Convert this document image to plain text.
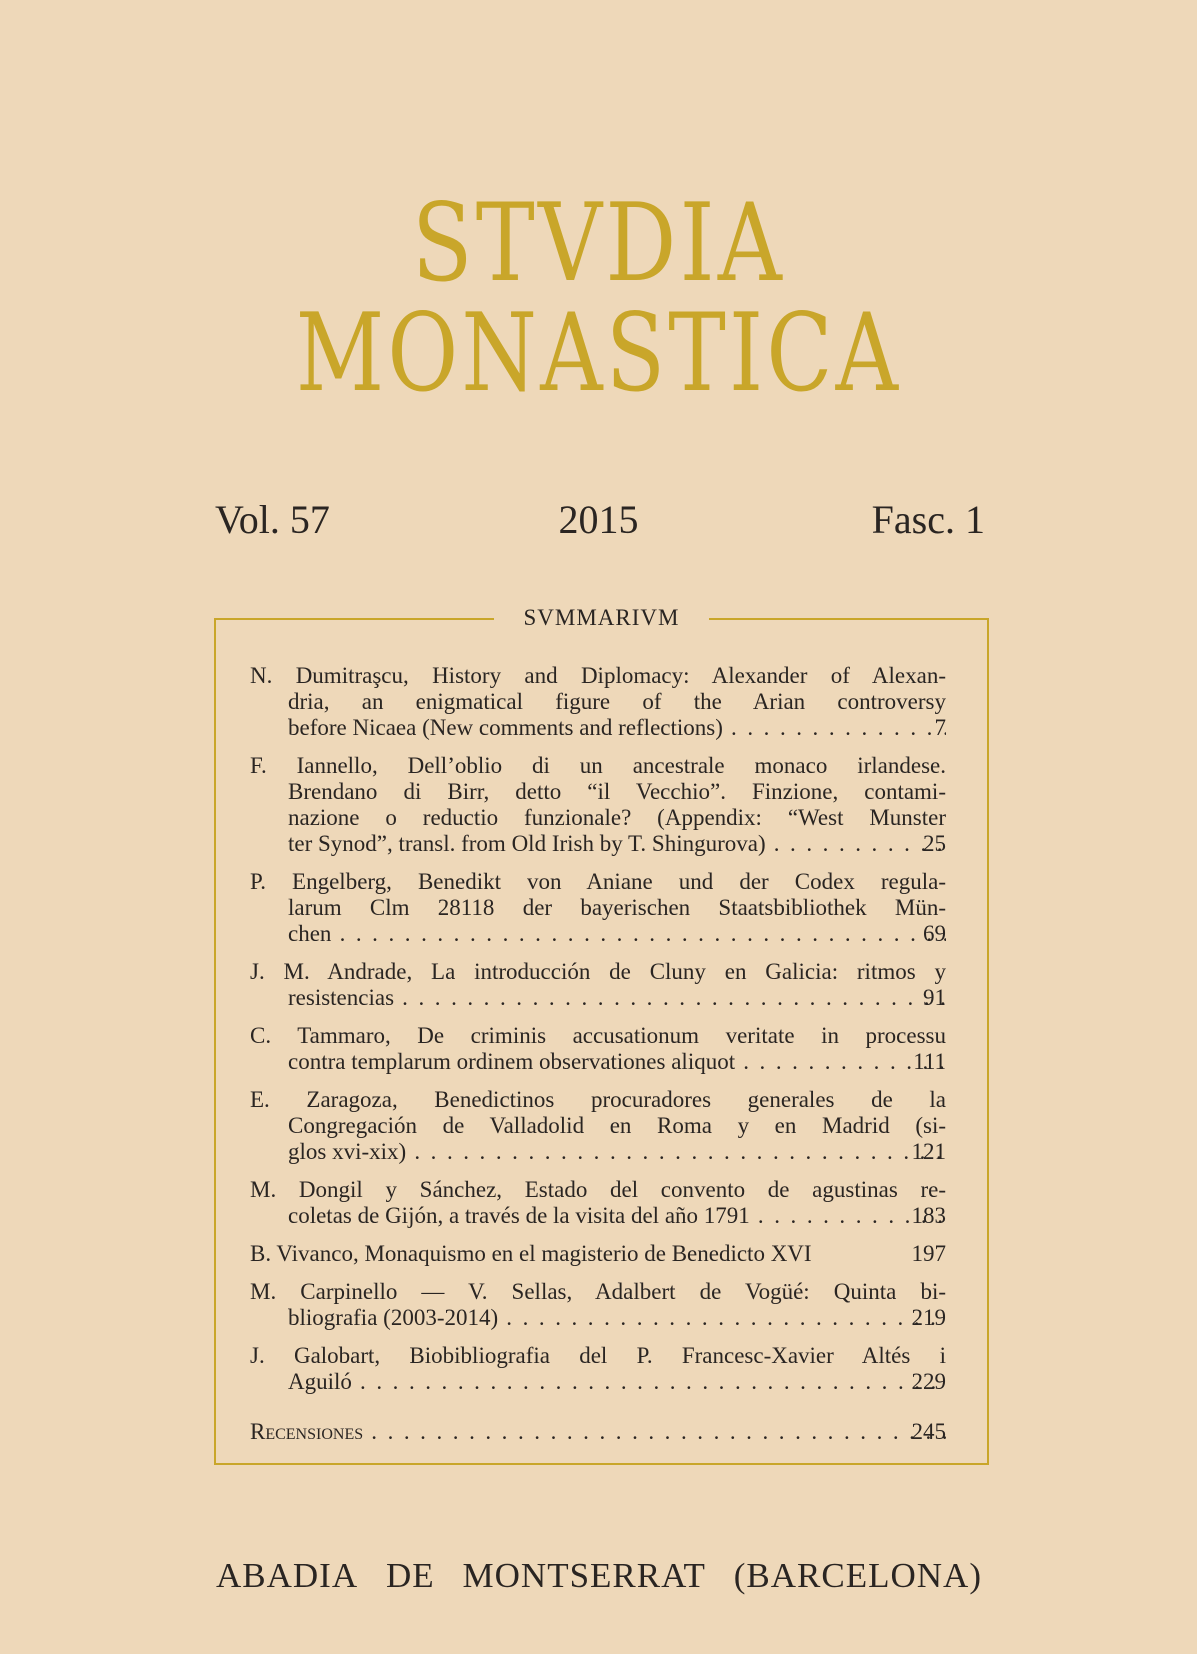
STVDIA
MONASTICA
Vol. 57	2015	Fasc. 1
SVMMARIVM
N. Dumitraşcu, History and Diplomacy: Alexander of Alexan-
dria, an enigmatical figure of the Arian controversy
before Nicaea (New comments and reflections) . . .	7
F. Iannello, Dell’oblio di un ancestrale monaco irlandese.
Brendano di Birr, detto “il Vecchio”. Finzione, contami-
nazione o reductio funzionale? (Appendix: “West Munster
ter Synod”, transl. from Old Irish by T. Shingurova) . . .	25
P. Engelberg, Benedikt von Aniane und der Codex regula-
larum Clm 28118 der bayerischen Staatsbibliothek Mün-
chen . . .	69
J. M. Andrade, La introducción de Cluny en Galicia: ritmos y
resistencias . . .	91
C. Tammaro, De criminis accusationum veritate in processu
contra templarum ordinem observationes aliquot . . .	111
E. Zaragoza, Benedictinos procuradores generales de la
Congregación de Valladolid en Roma y en Madrid (si-
glos xvi-xix) . . .	121
M. Dongil y Sánchez, Estado del convento de agustinas re-
coletas de Gijón, a través de la visita del año 1791 . . .	183
B. Vivanco, Monaquismo en el magisterio de Benedicto XVI	197
M. Carpinello — V. Sellas, Adalbert de Vogüé: Quinta bi-
bliografia (2003-2014) . . .	219
J. Galobart, Biobibliografia del P. Francesc-Xavier Altés i
Aguiló . . .	229
Recensiones . . .	245
ABADIA DE MONTSERRAT (BARCELONA)
